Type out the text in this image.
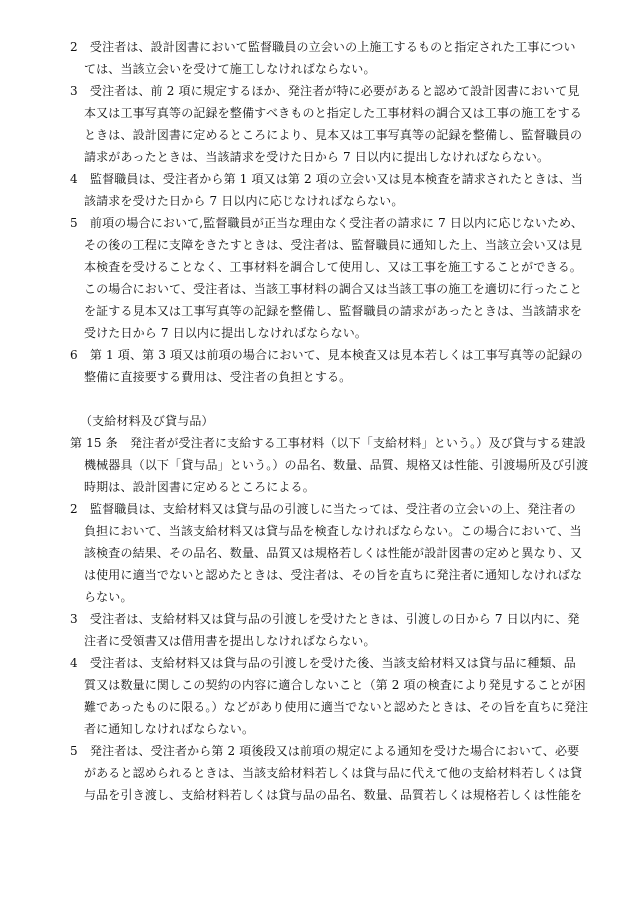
2　受注者は、設計図書において監督職員の立会いの上施工するものと指定された工事につい
ては、当該立会いを受けて施工しなければならない。
3　受注者は、前 2 項に規定するほか、発注者が特に必要があると認めて設計図書において見
本又は工事写真等の記録を整備すべきものと指定した工事材料の調合又は工事の施工をする
ときは、設計図書に定めるところにより、見本又は工事写真等の記録を整備し、監督職員の
請求があったときは、当該請求を受けた日から 7 日以内に提出しなければならない。
4　監督職員は、受注者から第 1 項又は第 2 項の立会い又は見本検査を請求されたときは、当
該請求を受けた日から 7 日以内に応じなければならない。
5　前項の場合において,監督職員が正当な理由なく受注者の請求に 7 日以内に応じないため、
その後の工程に支障をきたすときは、受注者は、監督職員に通知した上、当該立会い又は見
本検査を受けることなく、工事材料を調合して使用し、又は工事を施工することができる。
この場合において、受注者は、当該工事材料の調合又は当該工事の施工を適切に行ったこと
を証する見本又は工事写真等の記録を整備し、監督職員の請求があったときは、当該請求を
受けた日から 7 日以内に提出しなければならない。
6　第 1 項、第 3 項又は前項の場合において、見本検査又は見本若しくは工事写真等の記録の
整備に直接要する費用は、受注者の負担とする。
（支給材料及び貸与品）
第 15 条　発注者が受注者に支給する工事材料（以下「支給材料」という。）及び貸与する建設
機械器具（以下「貸与品」という。）の品名、数量、品質、規格又は性能、引渡場所及び引渡
時期は、設計図書に定めるところによる。
2　監督職員は、支給材料又は貸与品の引渡しに当たっては、受注者の立会いの上、発注者の
負担において、当該支給材料又は貸与品を検査しなければならない。この場合において、当
該検査の結果、その品名、数量、品質又は規格若しくは性能が設計図書の定めと異なり、又
は使用に適当でないと認めたときは、受注者は、その旨を直ちに発注者に通知しなければな
らない。
3　受注者は、支給材料又は貸与品の引渡しを受けたときは、引渡しの日から 7 日以内に、発
注者に受領書又は借用書を提出しなければならない。
4　受注者は、支給材料又は貸与品の引渡しを受けた後、当該支給材料又は貸与品に種類、品
質又は数量に関しこの契約の内容に適合しないこと（第 2 項の検査により発見することが困
難であったものに限る。）などがあり使用に適当でないと認めたときは、その旨を直ちに発注
者に通知しなければならない。
5　発注者は、受注者から第 2 項後段又は前項の規定による通知を受けた場合において、必要
があると認められるときは、当該支給材料若しくは貸与品に代えて他の支給材料若しくは貸
与品を引き渡し、支給材料若しくは貸与品の品名、数量、品質若しくは規格若しくは性能を
